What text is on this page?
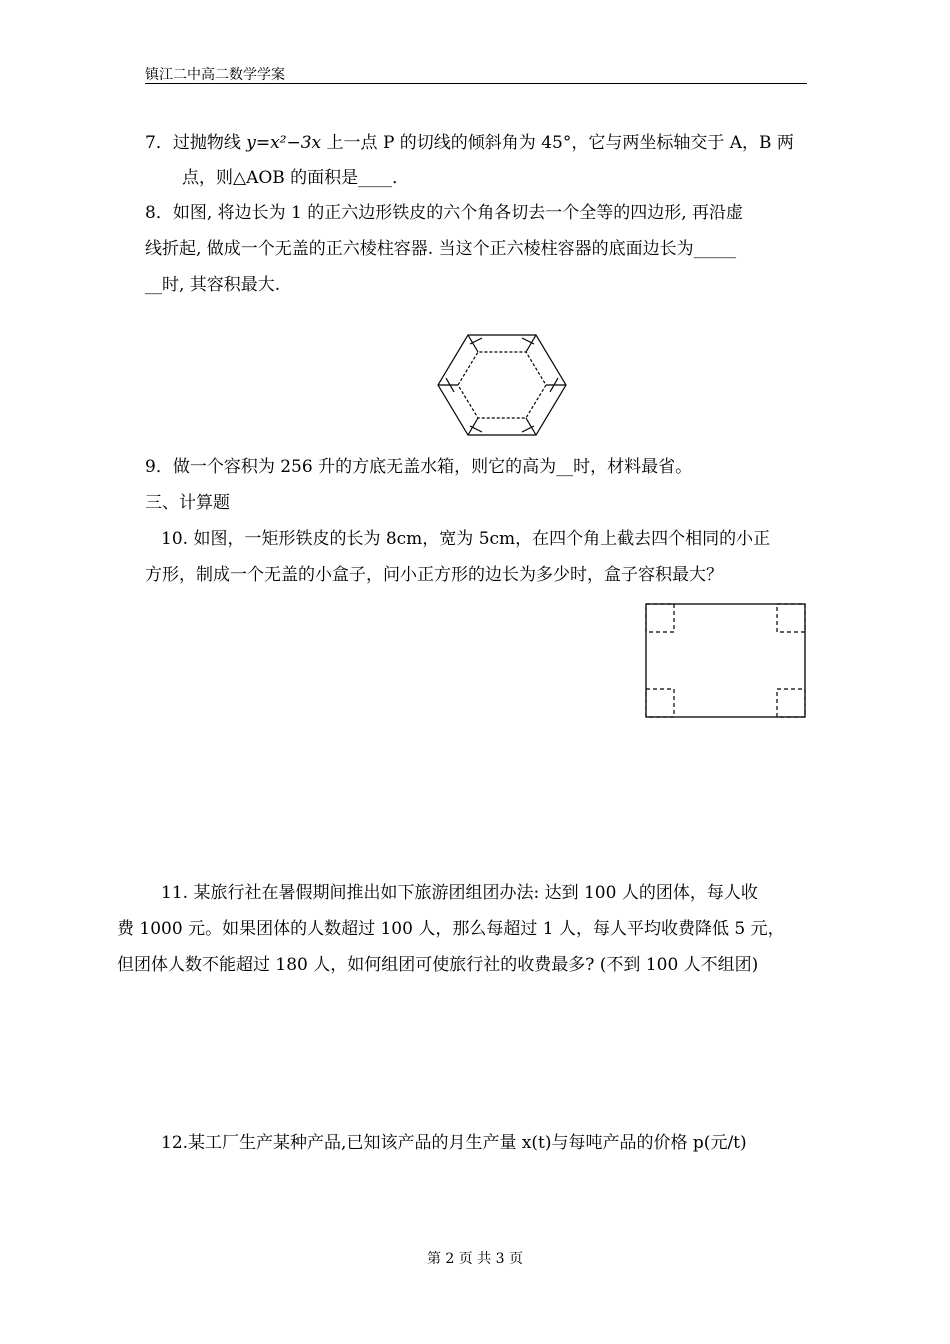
镇江二中高二数学学案
7．过抛物线 y=x²−3x 上一点 P 的切线的倾斜角为 45°，它与两坐标轴交于 A，B 两
点，则△AOB 的面积是____．
8．如图, 将边长为 1 的正六边形铁皮的六个角各切去一个全等的四边形, 再沿虚
线折起, 做成一个无盖的正六棱柱容器. 当这个正六棱柱容器的底面边长为_____
__时, 其容积最大.
9．做一个容积为 256 升的方底无盖水箱，则它的高为__时，材料最省。
三、计算题
10. 如图，一矩形铁皮的长为 8cm，宽为 5cm，在四个角上截去四个相同的小正
方形，制成一个无盖的小盒子，问小正方形的边长为多少时，盒子容积最大？
11. 某旅行社在暑假期间推出如下旅游团组团办法: 达到 100 人的团体，每人收
费 1000 元。如果团体的人数超过 100 人，那么每超过 1 人，每人平均收费降低 5 元，
但团体人数不能超过 180 人，如何组团可使旅行社的收费最多? (不到 100 人不组团)
12.某工厂生产某种产品,已知该产品的月生产量 x(t)与每吨产品的价格 p(元/t)
第 2 页 共 3 页
